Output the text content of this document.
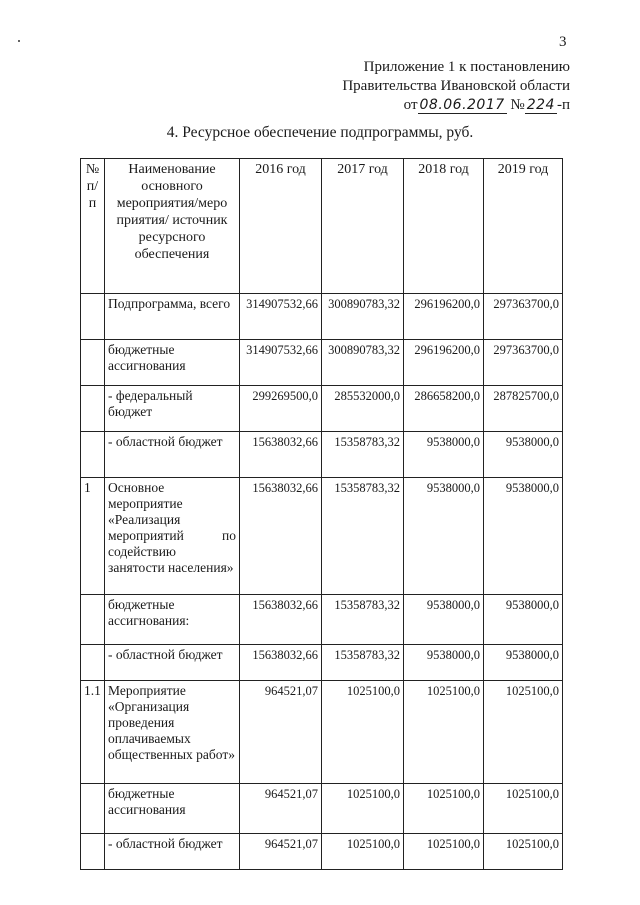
3
Приложение 1 к постановлению
Правительства Ивановской области
от 08.06.2017 № 224 -п
4. Ресурсное обеспечение подпрограммы, руб.
№ п/п	Наименование основного мероприятия/меро приятия/ источник ресурсного обеспечения	2016 год	2017 год	2018 год	2019 год
	Подпрограмма, всего	314907532,66	300890783,32	296196200,0	297363700,0
	бюджетные ассигнования	314907532,66	300890783,32	296196200,0	297363700,0
	- федеральный бюджет	299269500,0	285532000,0	286658200,0	287825700,0
	- областной бюджет	15638032,66	15358783,32	9538000,0	9538000,0
1	Основное мероприятие «Реализация
мероприятий по
содействию занятости населения»	15638032,66	15358783,32	9538000,0	9538000,0
	бюджетные ассигнования:	15638032,66	15358783,32	9538000,0	9538000,0
	- областной бюджет	15638032,66	15358783,32	9538000,0	9538000,0
1.1	Мероприятие «Организация проведения оплачиваемых общественных работ»	964521,07	1025100,0	1025100,0	1025100,0
	бюджетные ассигнования	964521,07	1025100,0	1025100,0	1025100,0
	- областной бюджет	964521,07	1025100,0	1025100,0	1025100,0
